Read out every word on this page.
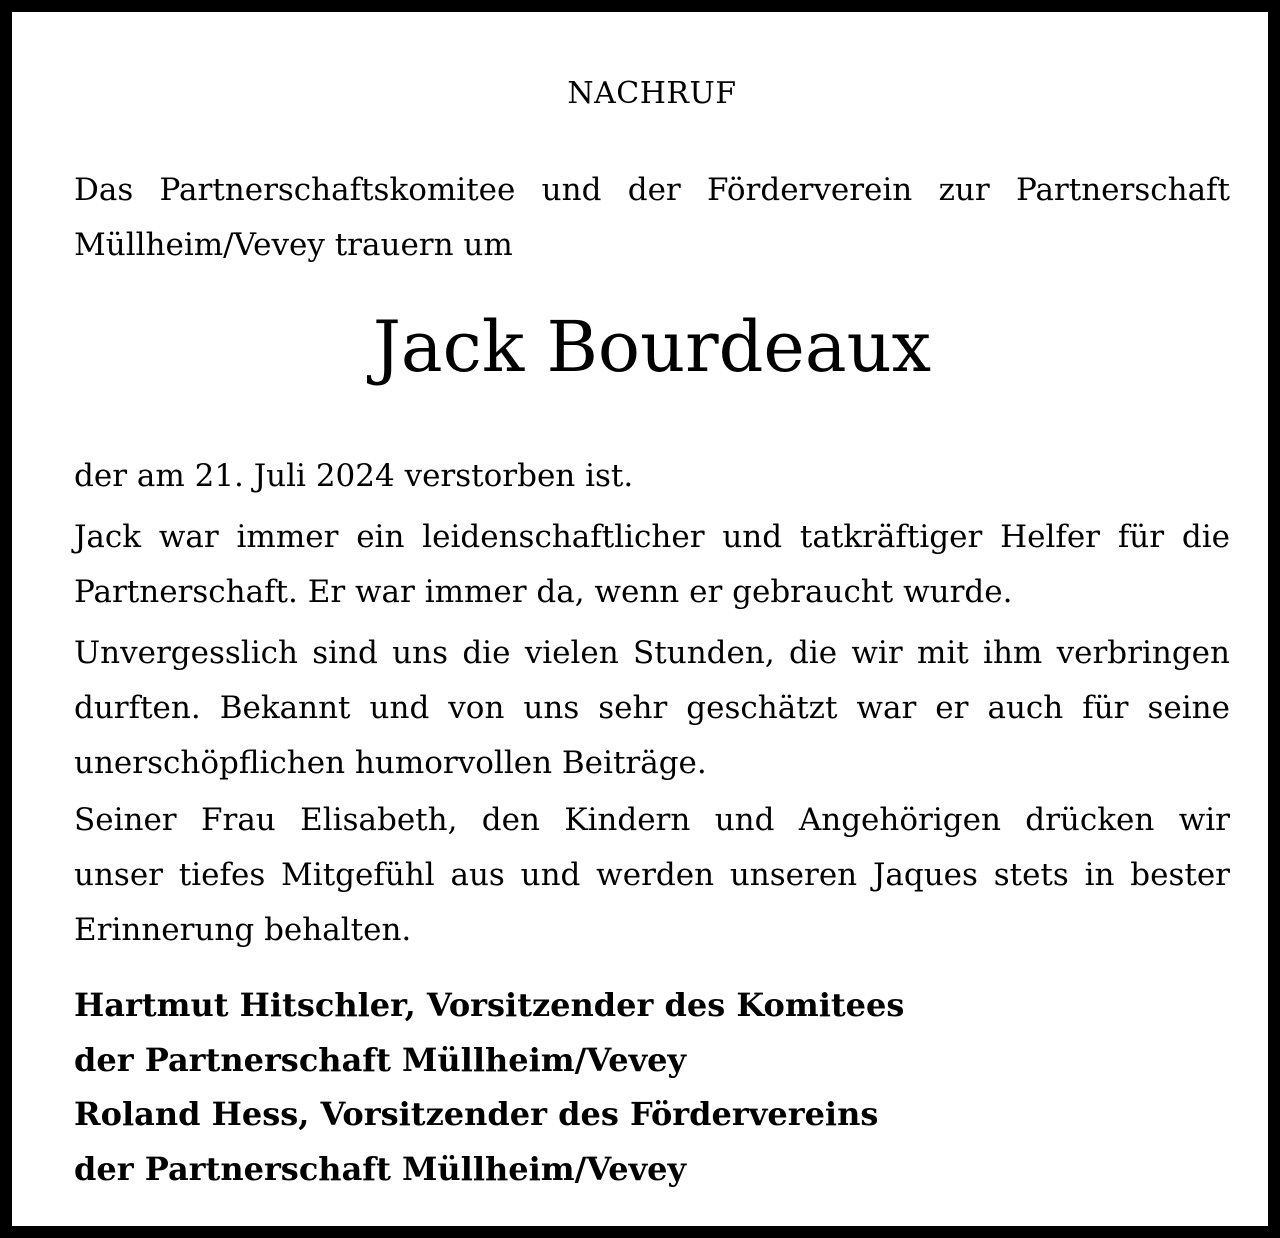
NACHRUF
Das Partnerschaftskomitee und der Förderverein zur Partnerschaft
Müllheim/Vevey trauern um
Jack Bourdeaux
der am 21. Juli 2024 verstorben ist.
Jack war immer ein leidenschaftlicher und tatkräftiger Helfer für die
Partnerschaft. Er war immer da, wenn er gebraucht wurde.
Unvergesslich sind uns die vielen Stunden, die wir mit ihm verbringen
durften. Bekannt und von uns sehr geschätzt war er auch für seine
unerschöpflichen humorvollen Beiträge.
Seiner Frau Elisabeth, den Kindern und Angehörigen drücken wir
unser tiefes Mitgefühl aus und werden unseren Jaques stets in bester
Erinnerung behalten.
Hartmut Hitschler, Vorsitzender des Komitees
der Partnerschaft Müllheim/Vevey
Roland Hess, Vorsitzender des Fördervereins
der Partnerschaft Müllheim/Vevey
